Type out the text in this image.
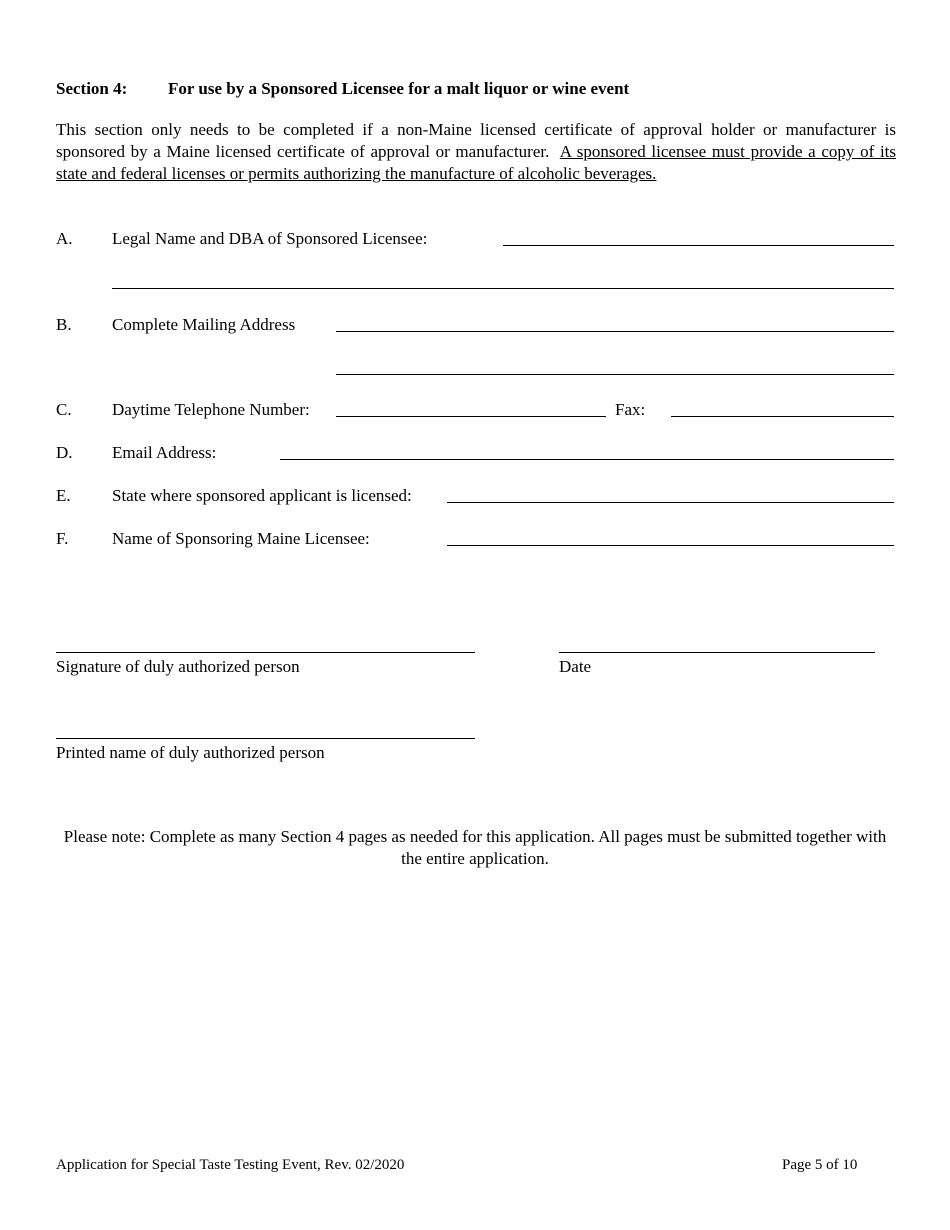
Section 4: For use by a Sponsored Licensee for a malt liquor or wine event
This section only needs to be completed if a non-Maine licensed certificate of approval holder or manufacturer is sponsored by a Maine licensed certificate of approval or manufacturer. A sponsored licensee must provide a copy of its state and federal licenses or permits authorizing the manufacture of alcoholic beverages.
A. Legal Name and DBA of Sponsored Licensee:
B. Complete Mailing Address
C. Daytime Telephone Number:	Fax:
D. Email Address:
E. State where sponsored applicant is licensed:
F.	Name of Sponsoring Maine Licensee:
Signature of duly authorized person	Date
Printed name of duly authorized person
Please note: Complete as many Section 4 pages as needed for this application. All pages must be submitted together with the entire application.
Application for Special Taste Testing Event, Rev. 02/2020	Page 5 of 10
